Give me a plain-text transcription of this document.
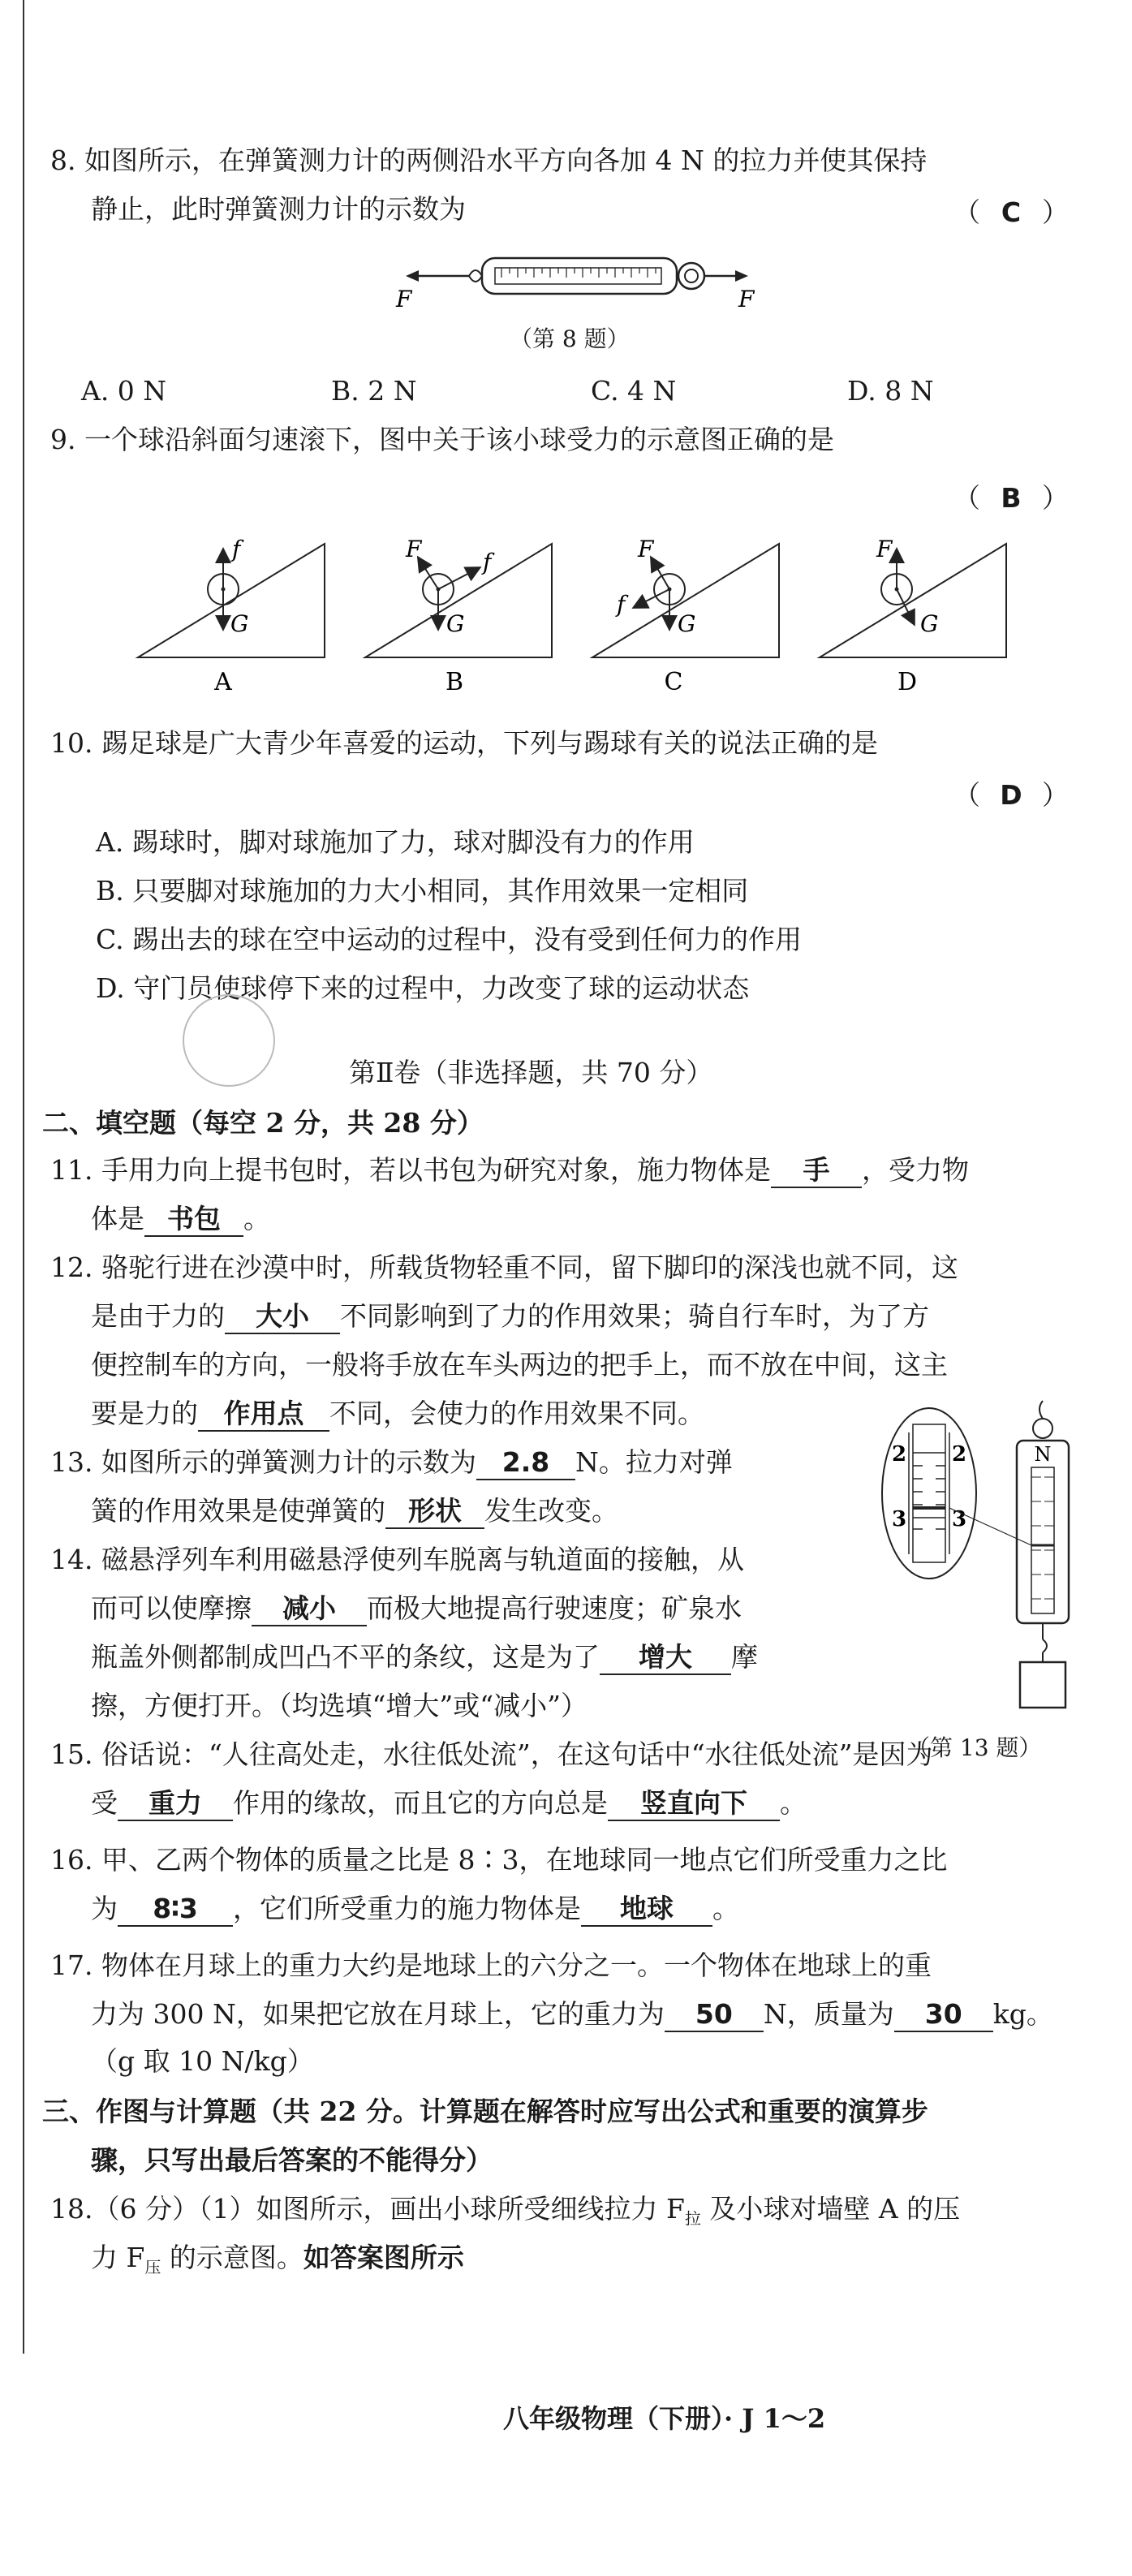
8. 如图所示，在弹簧测力计的两侧沿水平方向各加 4 N 的拉力并使其保持
静止，此时弹簧测力计的示数为	（ C ）
F	F
（第 8 题）
A. 0 N	B. 2 N	C. 4 N	D. 8 N
9. 一个球沿斜面匀速滚下，图中关于该小球受力的示意图正确的是
（ B ）
f
G
F	f
G
F
f
G
F
G
A	B	C	D
10. 踢足球是广大青少年喜爱的运动，下列与踢球有关的说法正确的是
（ D ）
A. 踢球时，脚对球施加了力，球对脚没有力的作用
B. 只要脚对球施加的力大小相同，其作用效果一定相同
C. 踢出去的球在空中运动的过程中，没有受到任何力的作用
D. 守门员使球停下来的过程中，力改变了球的运动状态
第Ⅱ卷（非选择题，共 70 分）
二、填空题（每空 2 分，共 28 分）
11. 手用力向上提书包时，若以书包为研究对象，施力物体是 手 ，受力物
体是 书包 。
12. 骆驼行进在沙漠中时，所载货物轻重不同，留下脚印的深浅也就不同，这
是由于力的 大小 不同影响到了力的作用效果；骑自行车时，为了方
便控制车的方向，一般将手放在车头两边的把手上，而不放在中间，这主
要是力的 作用点 不同，会使力的作用效果不同。
13. 如图所示的弹簧测力计的示数为 2.8 N。拉力对弹
簧的作用效果是使弹簧的 形状 发生改变。
2 2
3 3
N
14. 磁悬浮列车利用磁悬浮使列车脱离与轨道面的接触，从
而可以使摩擦 减小 而极大地提高行驶速度；矿泉水
瓶盖外侧都制成凹凸不平的条纹，这是为了 增大 摩
擦，方便打开。（均选填“增大”或“减小”）
（第 13 题）
15. 俗话说：“人往高处走，水往低处流”，在这句话中“水往低处流”是因为
受 重力 作用的缘故，而且它的方向总是 竖直向下 。
16. 甲、乙两个物体的质量之比是 8∶3，在地球同一地点它们所受重力之比
为 8∶3 ，它们所受重力的施力物体是 地球 。
17. 物体在月球上的重力大约是地球上的六分之一。一个物体在地球上的重
力为 300 N，如果把它放在月球上，它的重力为 50 N，质量为 30 kg。
（g 取 10 N/kg）
三、作图与计算题（共 22 分。计算题在解答时应写出公式和重要的演算步
骤，只写出最后答案的不能得分）
18.（6 分）（1）如图所示，画出小球所受细线拉力 $F_拉$ 及小球对墙壁 A 的压
力 $F_压$ 的示意图。如答案图所示
八年级物理（下册）· J 1～2
